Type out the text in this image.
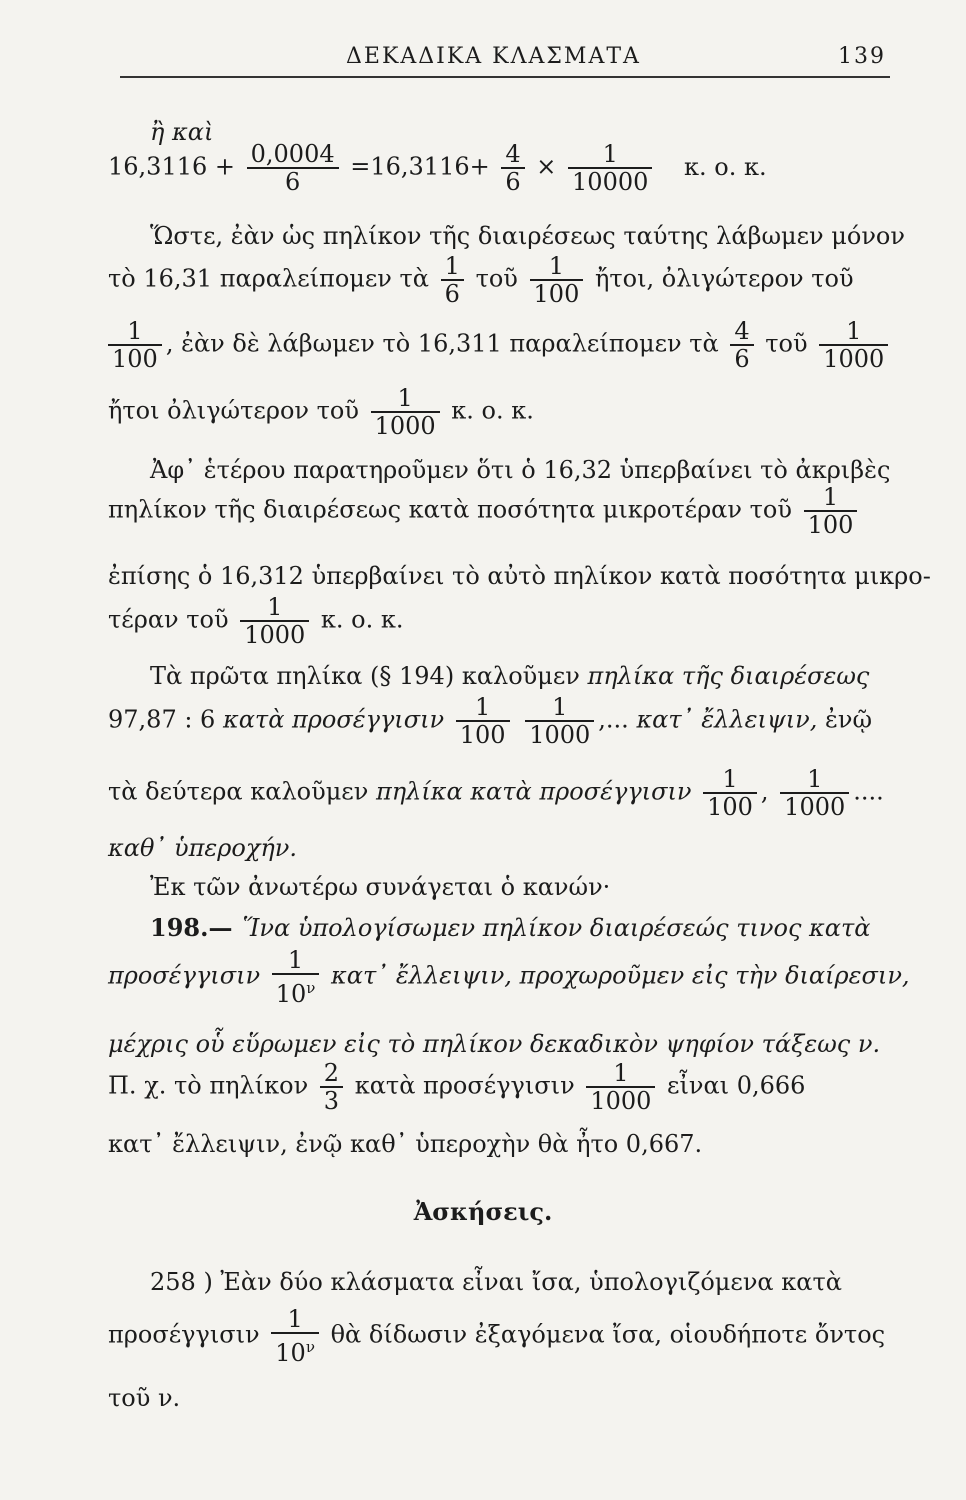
ΔΕΚΑΔΙΚΑ ΚΛΑΣΜΑΤΑ	139
ἢ καὶ
$16,3116 + \frac{0,0004}{6} =16,3116+ \frac{4}{6} \times \frac{1}{10000} \kappa$. ο. κ.
Ὥστε, ἐὰν ὡς πηλίκον τῆς διαιρέσεως ταύτης λάβωμεν μόνον
τὸ 16,31 παραλείπομεν τὰ $\frac{1}{6}$ τοῦ $\frac{1}{100}$ ἤτοι, ὀλιγώτερον τοῦ
$\frac{1}{100}$ , ἐὰν δὲ λάβωμεν τὸ 16,311 παραλείπομεν τὰ $\frac{4}{6}$ τοῦ $\frac{1}{1000}$
ἤτοι ὀλιγώτερον τοῦ $\frac{1}{1000} \kappa$. ο. κ.
Ἀφ᾽ ἑτέρου παρατηροῦμεν ὅτι ὁ 16,32 ὑπερβαίνει τὸ ἀκριβὲς
πηλίκον τῆς διαιρέσεως κατὰ ποσότητα μικροτέραν τοῦ $\frac{1}{100}$
ἐπίσης ὁ 16,312 ὑπερβαίνει τὸ αὐτὸ πηλίκον κατὰ ποσότητα μικρο-
τέραν τοῦ $\frac{1}{1000} \kappa$. ο. κ.
Τὰ πρῶτα πηλίκα (§ 194) καλοῦμεν πηλίκα τῆς διαιρέσεως
97,87 : 6 κατὰ προσέγγισιν $\frac{1}{100}$
$\frac{1}{1000}$ ,... κατ᾽ ἔλλειψιν, ἐνῷ
τὰ δεύτερα καλοῦμεν πηλίκα κατὰ προσέγγισιν $\frac{1}{100}$ , $\frac{1}{1000}$ ....
καθ᾽ ὑπεροχήν.
Ἐκ τῶν ἀνωτέρω συνάγεται ὁ κανών·
198.— Ἵνα ὑπολογίσωμεν πηλίκον διαιρέσεώς τινος κατὰ
προσέγγισιν $\frac{1}{10^\nu}$ κατ᾽ ἔλλειψιν, προχωροῦμεν εἰς τὴν διαίρεσιν,
μέχρις οὗ εὕρωμεν εἰς τὸ πηλίκον δεκαδικὸν ψηφίον τάξεως ν.
Π. χ. τὸ πηλίκον $\frac{2}{3}$ κατὰ προσέγγισιν $\frac{1}{1000}$ εἶναι 0,666
κατ᾽ ἔλλειψιν, ἐνῷ καθ᾽ ὑπεροχὴν θὰ ἦτο 0,667.
Ἀσκήσεις.
258 ) Ἐὰν δύο κλάσματα εἶναι ἴσα, ὑπολογιζόμενα κατὰ
προσέγγισιν $\frac{1}{10^\nu}$ θὰ δίδωσιν ἐξαγόμενα ἴσα, οἱουδήποτε ὄντος
τοῦ ν.
